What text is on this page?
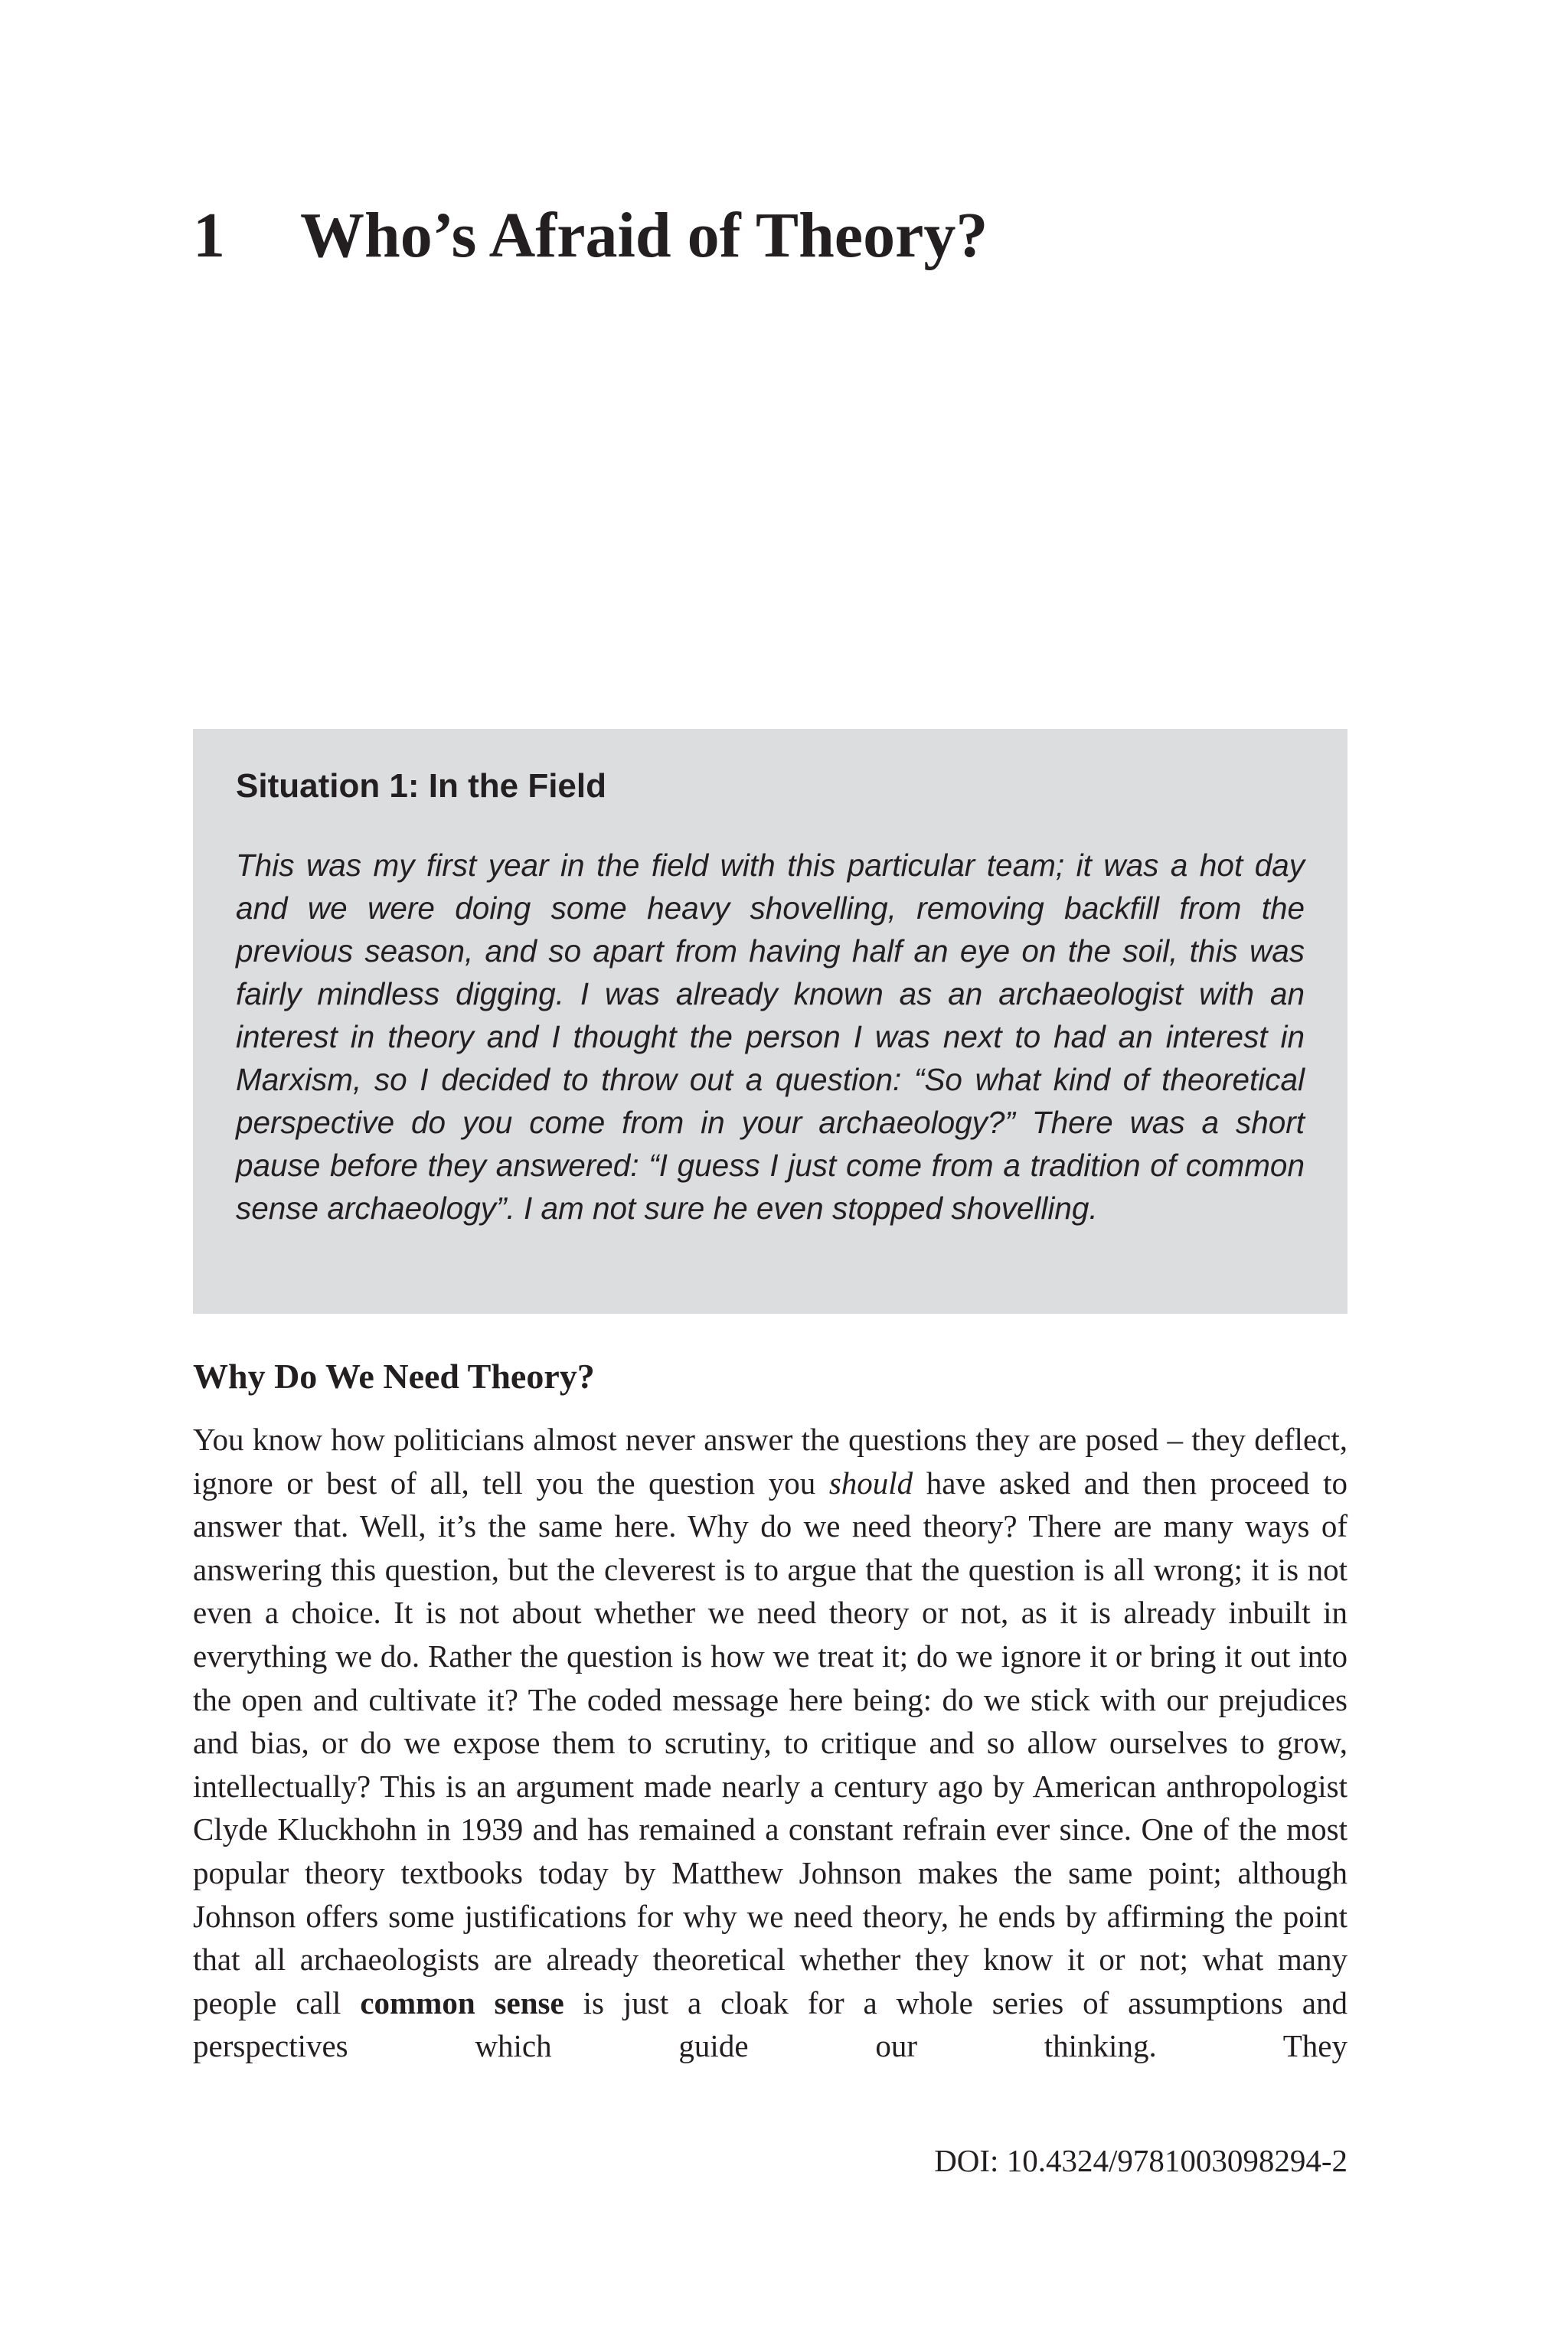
1 Who’s Afraid of Theory?

Situation 1: In the Field

This was my first year in the field with this particular team; it was a hot day and we were doing some heavy shovelling, removing backfill from the previous season, and so apart from having half an eye on the soil, this was fairly mindless digging. I was already known as an archaeologist with an interest in theory and I thought the person I was next to had an interest in Marxism, so I decided to throw out a question: “So what kind of theoretical perspective do you come from in your archaeology?” There was a short pause before they answered: “I guess I just come from a tradition of common sense archaeology”. I am not sure he even stopped shovelling.

Why Do We Need Theory?

You know how politicians almost never answer the questions they are posed – they deflect, ignore or best of all, tell you the question you should have asked and then proceed to answer that. Well, it’s the same here. Why do we need theory? There are many ways of answering this question, but the cleverest is to argue that the question is all wrong; it is not even a choice. It is not about whether we need theory or not, as it is already inbuilt in everything we do. Rather the question is how we treat it; do we ignore it or bring it out into the open and cultivate it? The coded message here being: do we stick with our prejudices and bias, or do we expose them to scrutiny, to critique and so allow ourselves to grow, intellectually? This is an argument made nearly a century ago by American anthropologist Clyde Kluckhohn in 1939 and has remained a constant refrain ever since. One of the most popular theory textbooks today by Matthew Johnson makes the same point; although Johnson offers some justifications for why we need theory, he ends by affirming the point that all archaeologists are already theoretical whether they know it or not; what many people call common sense is just a cloak for a whole series of assumptions and perspectives which guide our thinking. They

DOI: 10.4324/9781003098294-2
